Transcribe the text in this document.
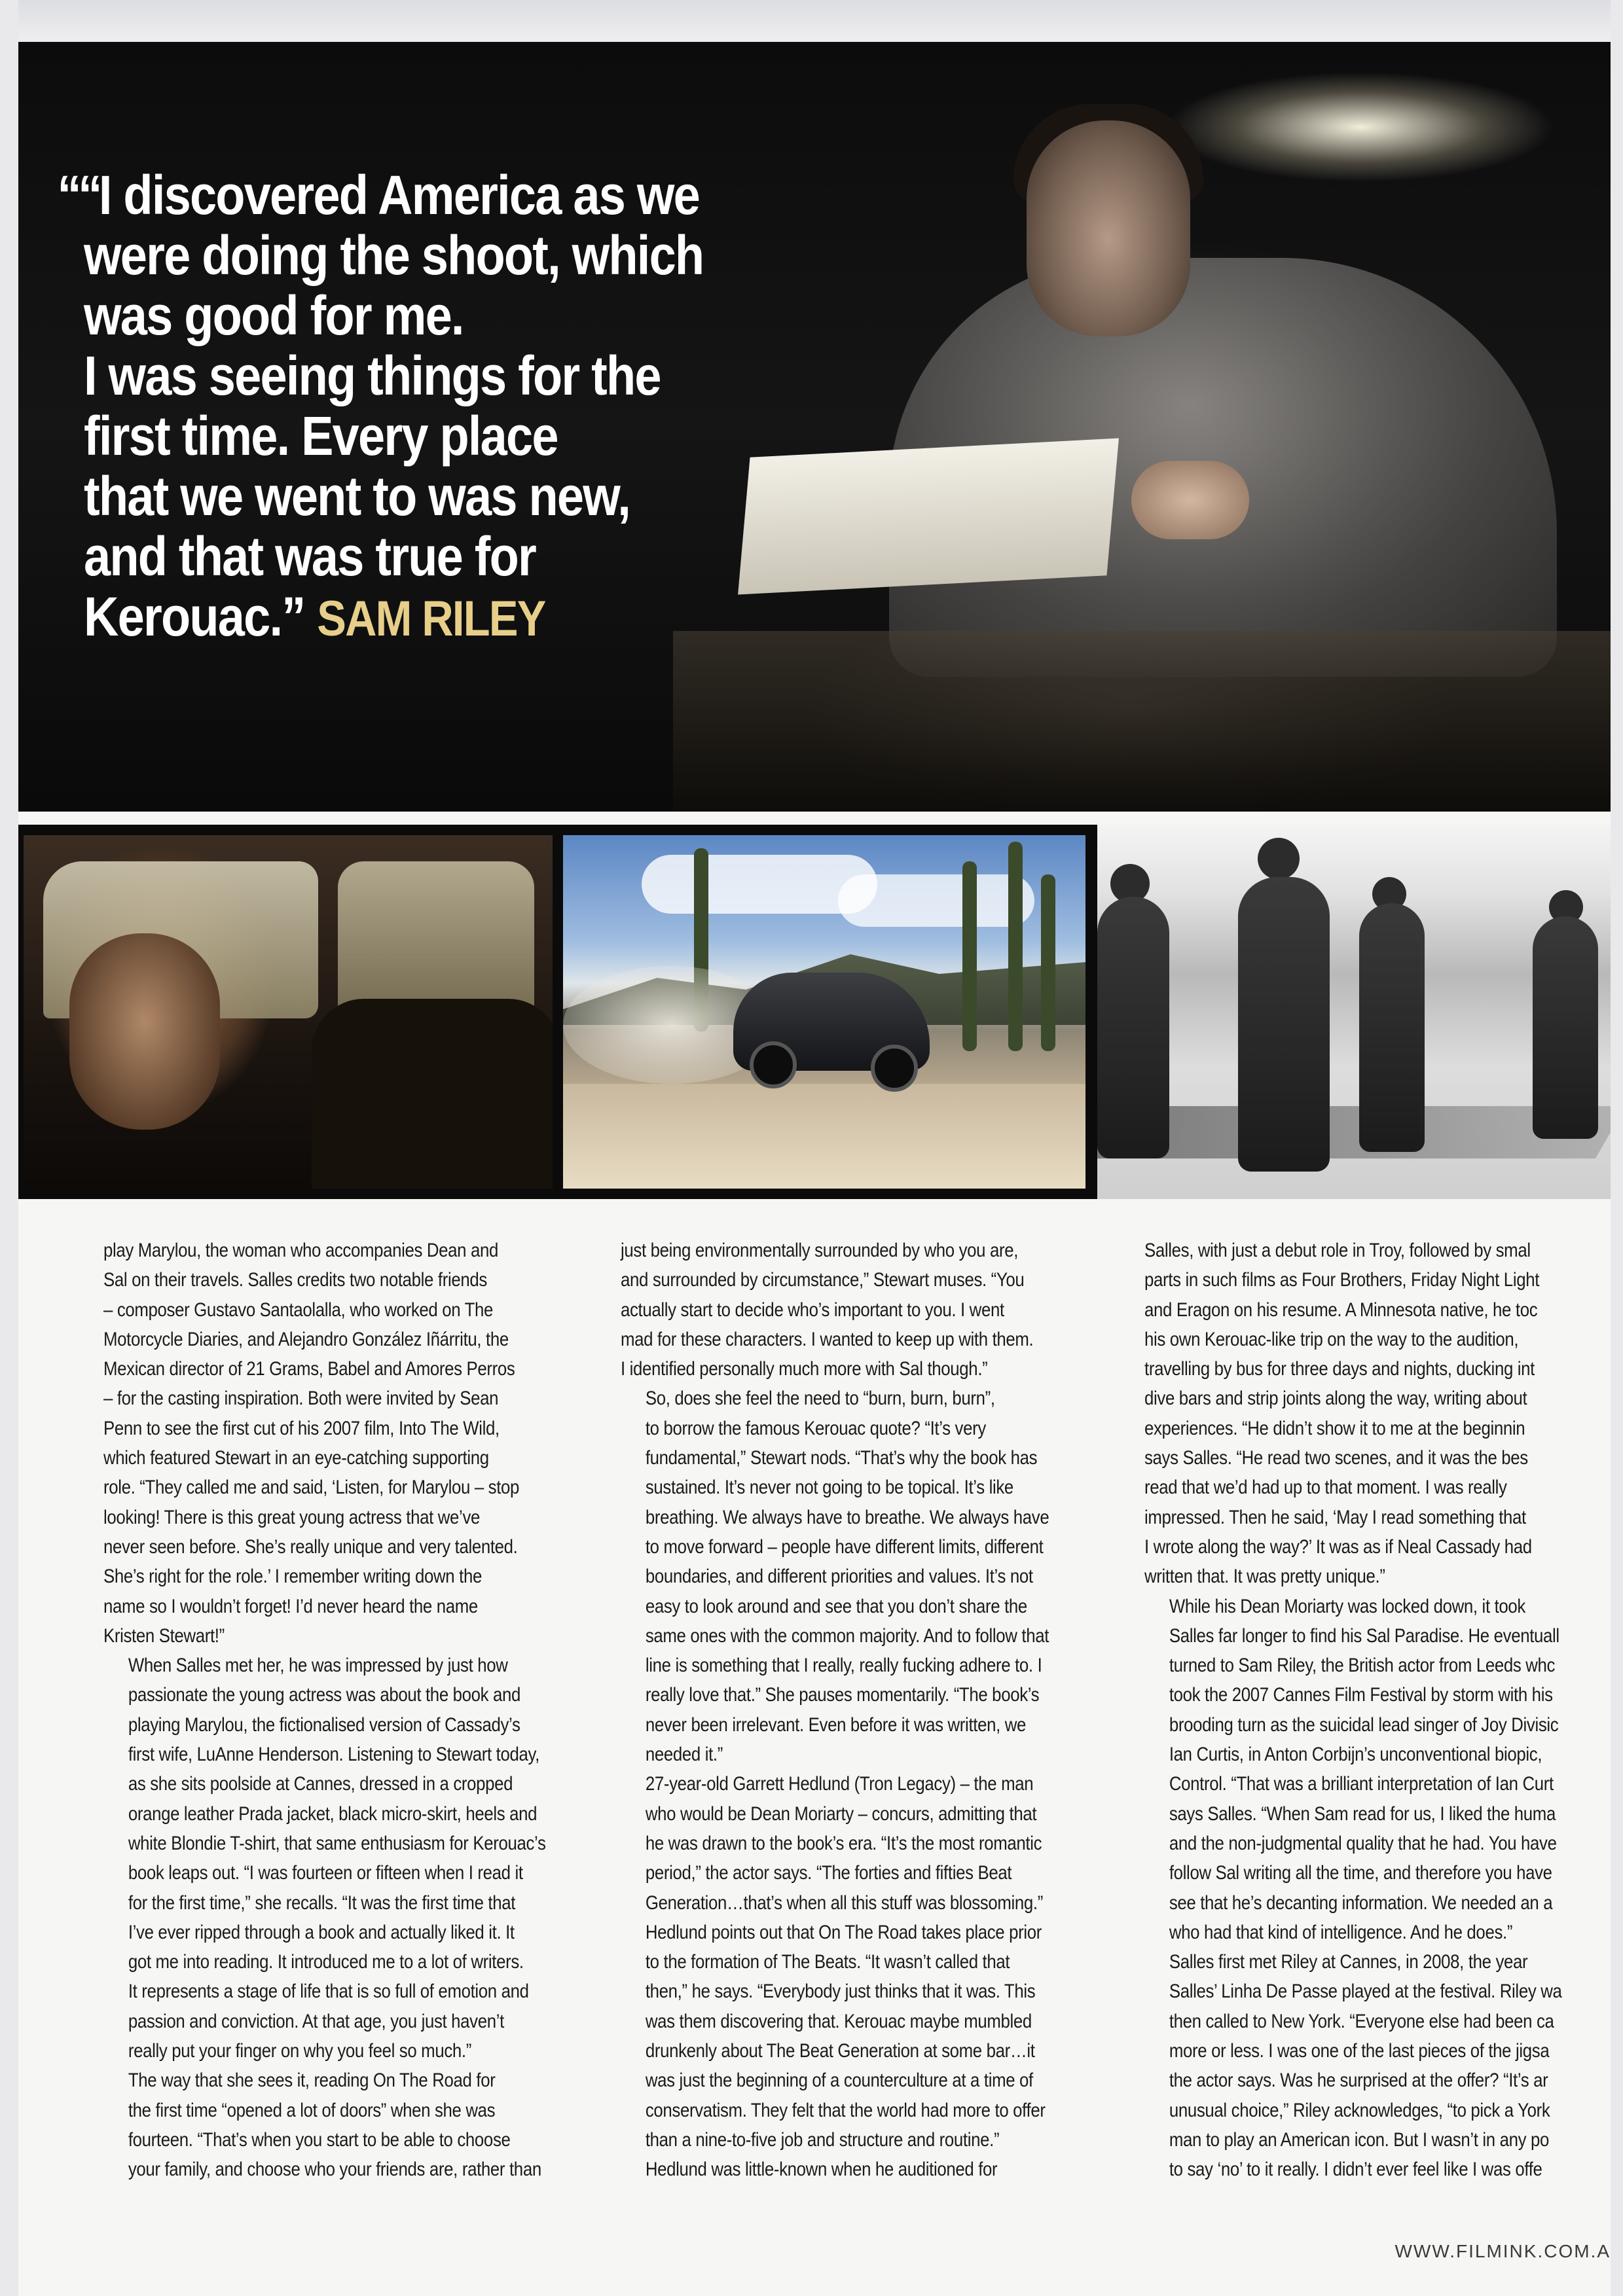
““I discovered America as we
were doing the shoot, which
was good for me.
I was seeing things for the
first time. Every place
that we went to was new,
and that was true for
Kerouac.” SAM RILEY

play Marylou, the woman who accompanies Dean and
Sal on their travels. Salles credits two notable friends
– composer Gustavo Santaolalla, who worked on The
Motorcycle Diaries, and Alejandro González Iñárritu, the
Mexican director of 21 Grams, Babel and Amores Perros
– for the casting inspiration. Both were invited by Sean
Penn to see the first cut of his 2007 film, Into The Wild,
which featured Stewart in an eye-catching supporting
role. “They called me and said, ‘Listen, for Marylou – stop
looking! There is this great young actress that we’ve
never seen before. She’s really unique and very talented.
She’s right for the role.’ I remember writing down the
name so I wouldn’t forget! I’d never heard the name
Kristen Stewart!”

When Salles met her, he was impressed by just how
passionate the young actress was about the book and
playing Marylou, the fictionalised version of Cassady’s
first wife, LuAnne Henderson. Listening to Stewart today,
as she sits poolside at Cannes, dressed in a cropped
orange leather Prada jacket, black micro-skirt, heels and
white Blondie T-shirt, that same enthusiasm for Kerouac’s
book leaps out. “I was fourteen or fifteen when I read it
for the first time,” she recalls. “It was the first time that
I’ve ever ripped through a book and actually liked it. It
got me into reading. It introduced me to a lot of writers.
It represents a stage of life that is so full of emotion and
passion and conviction. At that age, you just haven’t
really put your finger on why you feel so much.”

The way that she sees it, reading On The Road for
the first time “opened a lot of doors” when she was
fourteen. “That’s when you start to be able to choose
your family, and choose who your friends are, rather than

just being environmentally surrounded by who you are,
and surrounded by circumstance,” Stewart muses. “You
actually start to decide who’s important to you. I went
mad for these characters. I wanted to keep up with them.
I identified personally much more with Sal though.”

So, does she feel the need to “burn, burn, burn”,
to borrow the famous Kerouac quote? “It’s very
fundamental,” Stewart nods. “That’s why the book has
sustained. It’s never not going to be topical. It’s like
breathing. We always have to breathe. We always have
to move forward – people have different limits, different
boundaries, and different priorities and values. It’s not
easy to look around and see that you don’t share the
same ones with the common majority. And to follow that
line is something that I really, really fucking adhere to. I
really love that.” She pauses momentarily. “The book’s
never been irrelevant. Even before it was written, we
needed it.”

27-year-old Garrett Hedlund (Tron Legacy) – the man
who would be Dean Moriarty – concurs, admitting that
he was drawn to the book’s era. “It’s the most romantic
period,” the actor says. “The forties and fifties Beat
Generation…that’s when all this stuff was blossoming.”
Hedlund points out that On The Road takes place prior
to the formation of The Beats. “It wasn’t called that
then,” he says. “Everybody just thinks that it was. This
was them discovering that. Kerouac maybe mumbled
drunkenly about The Beat Generation at some bar…it
was just the beginning of a counterculture at a time of
conservatism. They felt that the world had more to offer
than a nine-to-five job and structure and routine.”

Hedlund was little-known when he auditioned for

Salles, with just a debut role in Troy, followed by smal
parts in such films as Four Brothers, Friday Night Light
and Eragon on his resume. A Minnesota native, he toc
his own Kerouac-like trip on the way to the audition,
travelling by bus for three days and nights, ducking int
dive bars and strip joints along the way, writing about
experiences. “He didn’t show it to me at the beginnin
says Salles. “He read two scenes, and it was the bes
read that we’d had up to that moment. I was really
impressed. Then he said, ‘May I read something that
I wrote along the way?’ It was as if Neal Cassady had
written that. It was pretty unique.”

While his Dean Moriarty was locked down, it took
Salles far longer to find his Sal Paradise. He eventuall
turned to Sam Riley, the British actor from Leeds whc
took the 2007 Cannes Film Festival by storm with his
brooding turn as the suicidal lead singer of Joy Divisic
Ian Curtis, in Anton Corbijn’s unconventional biopic,
Control. “That was a brilliant interpretation of Ian Curt
says Salles. “When Sam read for us, I liked the huma
and the non-judgmental quality that he had. You have
follow Sal writing all the time, and therefore you have
see that he’s decanting information. We needed an a
who had that kind of intelligence. And he does.”

Salles first met Riley at Cannes, in 2008, the year
Salles’ Linha De Passe played at the festival. Riley wa
then called to New York. “Everyone else had been ca
more or less. I was one of the last pieces of the jigsa
the actor says. Was he surprised at the offer? “It’s ar
unusual choice,” Riley acknowledges, “to pick a York
man to play an American icon. But I wasn’t in any po
to say ‘no’ to it really. I didn’t ever feel like I was offe

WWW.FILMINK.COM.A
